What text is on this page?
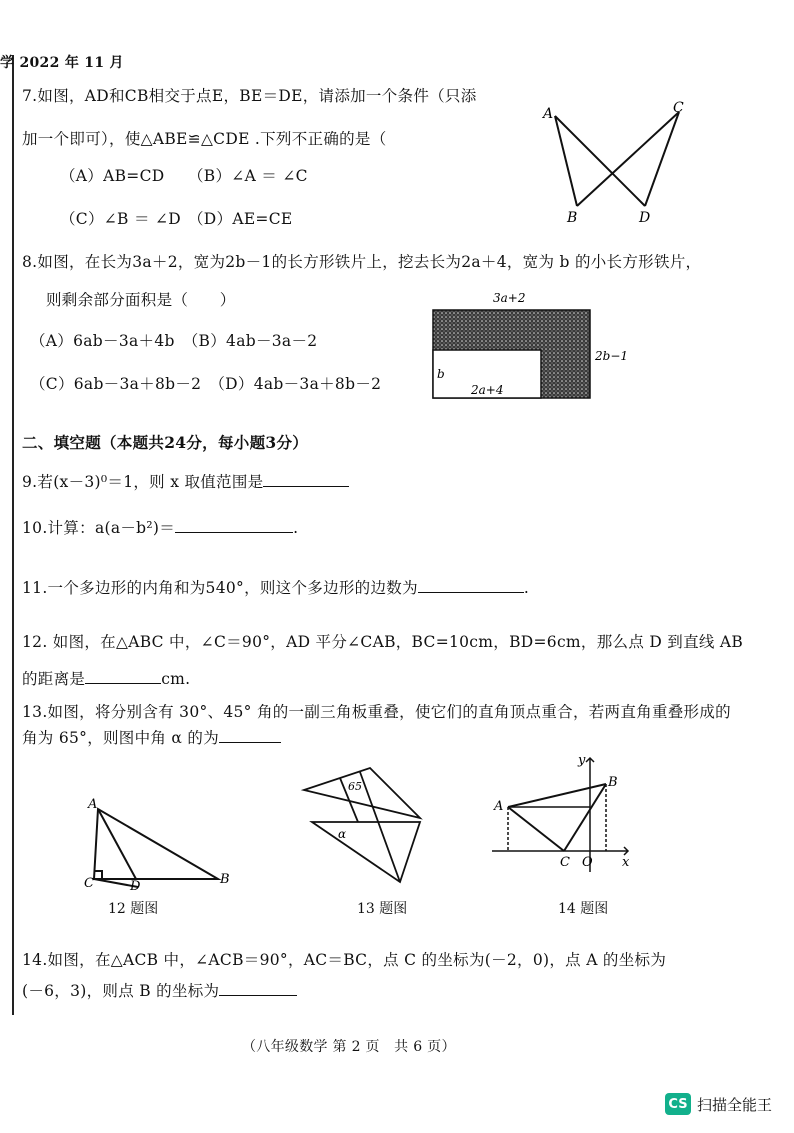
学 2022 年 11 月
7.如图，AD和CB相交于点E，BE＝DE，请添加一个条件（只添
加一个即可），使△ABE≌△CDE .下列不正确的是（
（A）AB=CD （B）∠A ＝ ∠C
（C）∠B ＝ ∠D （D）AE=CE
A	C
B	D
8.如图，在长为3a＋2，宽为2b－1的长方形铁片上，挖去长为2a＋4，宽为 b 的小长方形铁片，
则剩余部分面积是（　　）
（A）6ab－3a＋4b　（B）4ab－3a－2
（C）6ab－3a＋8b－2　（D）4ab－3a＋8b－2
3a+2
2b−1
b
2a+4
二、填空题（本题共24分，每小题3分）
9.若(x－3)⁰＝1，则 x 取值范围是
10.计算：a(a－b²)＝	.
11.一个多边形的内角和为540°，则这个多边形的边数为	.
12. 如图，在△ABC 中，∠C＝90°，AD 平分∠CAB，BC=10cm，BD=6cm，那么点 D 到直线 AB
的距离是	cm.
13.如图，将分别含有 30°、45° 角的一副三角板重叠，使它们的直角顶点重合，若两直角重叠形成的
角为 65°，则图中角 α 的为
A
C	D	B
12 题图
65
α
13 题图
y
B
A
C O x
14 题图
14.如图，在△ACB 中，∠ACB＝90°，AC＝BC，点 C 的坐标为(－2，0)，点 A 的坐标为
(－6，3)，则点 B 的坐标为
（八年级数学 第 2 页　共 6 页）
CS 扫描全能王
